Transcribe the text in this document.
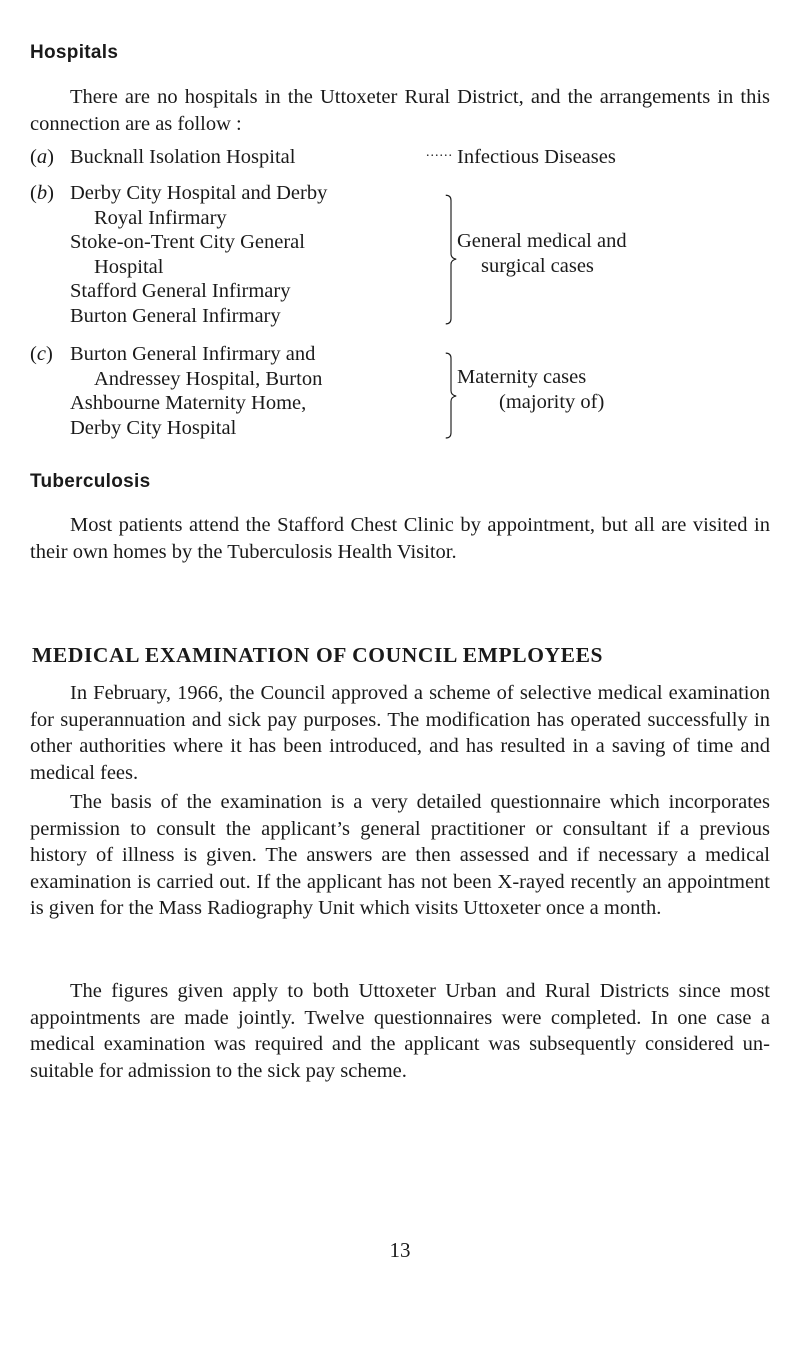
Hospitals

There are no hospitals in the Uttoxeter Rural District, and the arrangements in this connection are as follow :

(a) Bucknall Isolation Hospital	...... Infectious Diseases
(b) Derby City Hospital and Derby
Royal Infirmary
Stoke-on-Trent City General
Hospital
Stafford General Infirmary
Burton General Infirmary
General medical and
surgical cases
(c) Burton General Infirmary and
Andressey Hospital, Burton
Ashbourne Maternity Home,
Derby City Hospital
Maternity cases
(majority of)
Tuberculosis

Most patients attend the Stafford Chest Clinic by appointment, but all are visited in their own homes by the Tuberculosis Health Visitor.

MEDICAL EXAMINATION OF COUNCIL EMPLOYEES

In February, 1966, the Council approved a scheme of selective medical examination for superannuation and sick pay purposes. The modification has operated successfully in other authorities where it has been introduced, and has resulted in a saving of time and medical fees.

The basis of the examination is a very detailed questionnaire which incorporates permission to consult the applicant’s general practitioner or consultant if a previous history of illness is given. The answers are then assessed and if necessary a medical examination is carried out. If the applicant has not been X-rayed recently an appointment is given for the Mass Radiography Unit which visits Uttoxeter once a month.

The figures given apply to both Uttoxeter Urban and Rural Districts since most appointments are made jointly. Twelve questionnaires were completed. In one case a medical examination was required and the applicant was subsequently considered unsuitable for admission to the sick pay scheme.

13
